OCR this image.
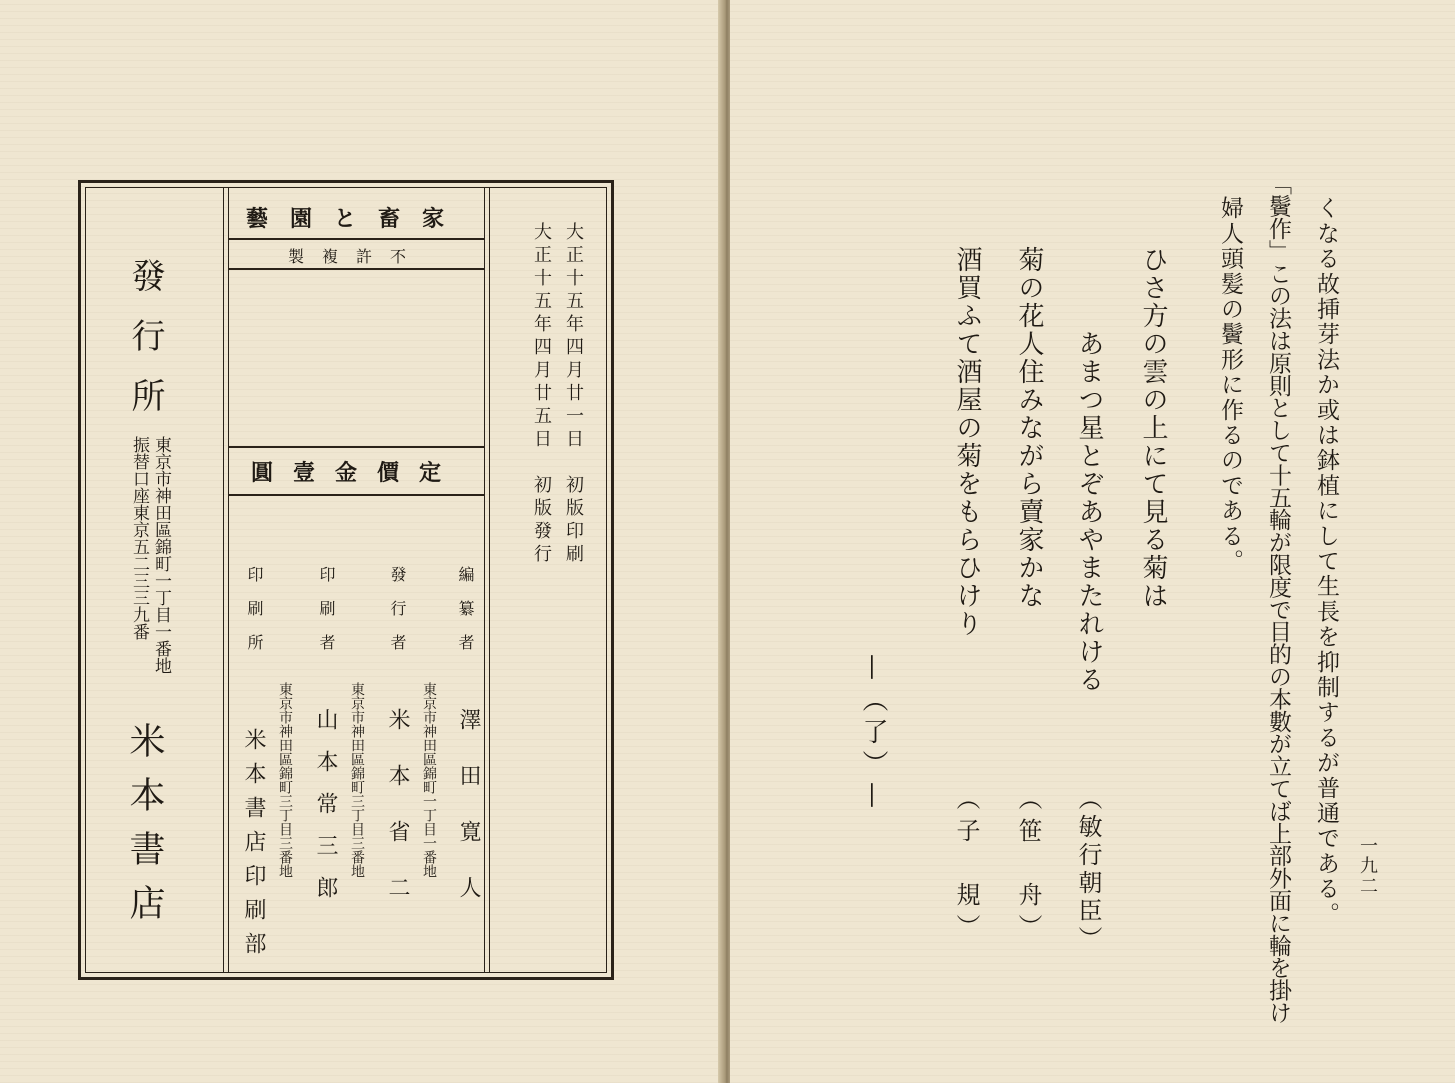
大正十五年四月廿一日　初版印刷
大正十五年四月廿五日　初版發行
家畜と園藝
不許複製
定價金壹圓
編纂者
東京市神田區錦町一丁目一番地 澤田寛人
發行者
米本省二
印刷者
東京市神田區錦町三丁目三番地
山本常三郎
印刷所
東京市神田區錦町三丁目三番地
米本書店印刷部
發行所
東京市神田區錦町一丁目一番地
振替口座東京五二三三九番
米本書店	一九二
くなる故挿芽法か或は鉢植にして生長を抑制するが普通である。
「鬢作」この法は原則として十五輪が限度で目的の本數が立てば上部外面に輪を掛け
婦人頭髪の鬢形に作るのである。
ひさ方の雲の上にて見る菊は
あまつ星とぞあやまたれける
（敏行朝臣）
菊の花人住みながら賣家かな
（笹　舟）
酒買ふて酒屋の菊をもらひけり
（子　規）
—（了）—
